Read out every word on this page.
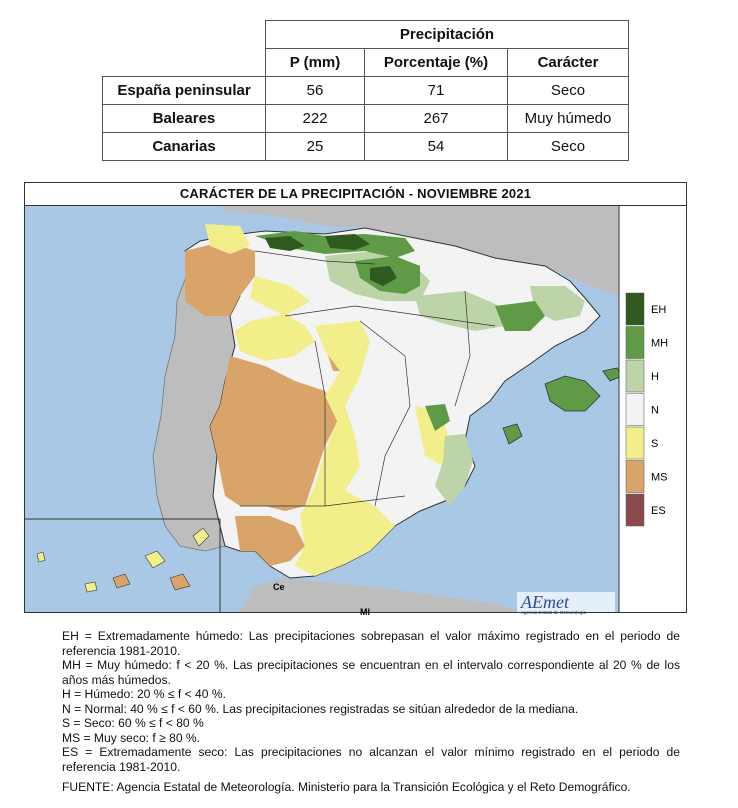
	Precipitación		
	P (mm)	Porcentaje (%)	Carácter
España peninsular	56	71	Seco
Baleares	222	267	Muy húmedo
Canarias	25	54	Seco
CARÁCTER DE LA PRECIPITACIÓN - NOVIEMBRE 2021
Ce
Ml	AEmet
Agencia Estatal de Meteorología
EH
MH
H
N
S
MS
ES

EH = Extremadamente húmedo: Las precipitaciones sobrepasan el valor máximo registrado en el periodo de referencia 1981-2010.

MH = Muy húmedo: f < 20 %. Las precipitaciones se encuentran en el intervalo correspondiente al 20 % de los años más húmedos.

H = Húmedo: 20 % ≤ f < 40 %.

N = Normal: 40 % ≤ f < 60 %. Las precipitaciones registradas se sitúan alrededor de la mediana.

S = Seco: 60 % ≤ f < 80 %

MS = Muy seco: f ≥ 80 %.

ES = Extremadamente seco: Las precipitaciones no alcanzan el valor mínimo registrado en el periodo de referencia 1981-2010.

FUENTE: Agencia Estatal de Meteorología. Ministerio para la Transición Ecológica y el Reto Demográfico.
